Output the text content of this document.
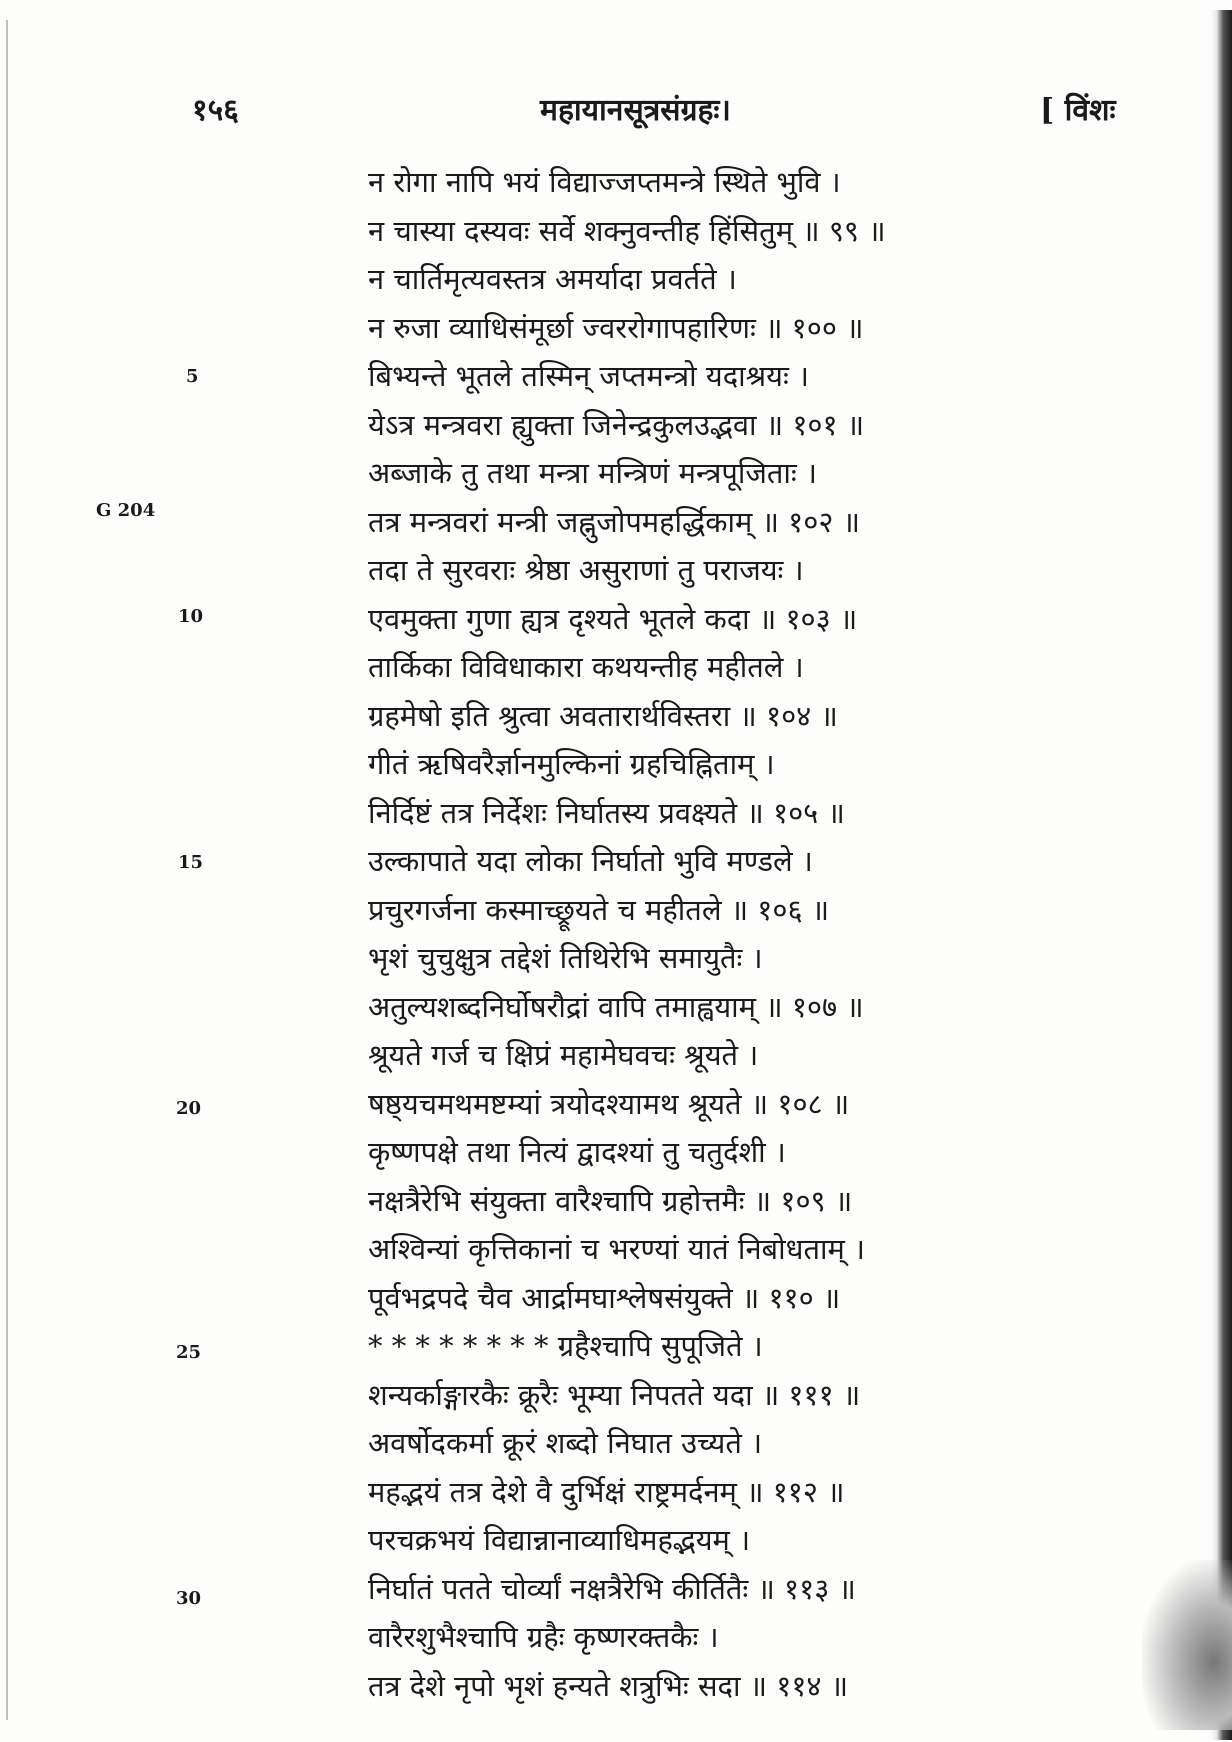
१५६	महायानसूत्रसंग्रहः।	[ विंशः
5
G 204
10
15
20
25
30
न रोगा नापि भयं विद्याज्जप्तमन्त्रे स्थिते भुवि ।
न चास्या दस्यवः सर्वे शक्नुवन्तीह हिंसितुम् ॥ ९९ ॥
न चार्तिमृत्यवस्तत्र अमर्यादा प्रवर्तते ।
न रुजा व्याधिसंमूर्छा ज्वररोगापहारिणः ॥ १०० ॥
बिभ्यन्ते भूतले तस्मिन् जप्तमन्त्रो यदाश्रयः ।
येऽत्र मन्त्रवरा ह्युक्ता जिनेन्द्रकुलउद्भवा ॥ १०१ ॥
अब्जाके तु तथा मन्त्रा मन्त्रिणं मन्त्रपूजिताः ।
तत्र मन्त्रवरां मन्त्री जह्नुजोपमहर्द्धिकाम् ॥ १०२ ॥
तदा ते सुरवराः श्रेष्ठा असुराणां तु पराजयः ।
एवमुक्ता गुणा ह्यत्र दृश्यते भूतले कदा ॥ १०३ ॥
तार्किका विविधाकारा कथयन्तीह महीतले ।
ग्रहमेषो इति श्रुत्वा अवतारार्थविस्तरा ॥ १०४ ॥
गीतं ऋषिवरैर्ज्ञानमुल्किनां ग्रहचिह्निताम् ।
निर्दिष्टं तत्र निर्देशः निर्घातस्य प्रवक्ष्यते ॥ १०५ ॥
उल्कापाते यदा लोका निर्घातो भुवि मण्डले ।
प्रचुरगर्जना कस्माच्छ्रूयते च महीतले ॥ १०६ ॥
भृशं चुचुक्षुत्र तद्देशं तिथिरेभि समायुतैः ।
अतुल्यशब्दनिर्घोषरौद्रां वापि तमाह्वयाम् ॥ १०७ ॥
श्रूयते गर्ज च क्षिप्रं महामेघवचः श्रूयते ।
षष्ठ्यचमथमष्टम्यां त्रयोदश्यामथ श्रूयते ॥ १०८ ॥
कृष्णपक्षे तथा नित्यं द्वादश्यां तु चतुर्दशी ।
नक्षत्रैरेभि संयुक्ता वारैश्चापि ग्रहोत्तमैः ॥ १०९ ॥
अश्विन्यां कृत्तिकानां च भरण्यां यातं निबोधताम् ।
पूर्वभद्रपदे चैव आर्द्रामघाश्लेषसंयुक्ते ॥ ११० ॥
* * * * * * * * ग्रहैश्चापि सुपूजिते ।
शन्यर्काङ्गारकैः क्रूरैः भूम्या निपतते यदा ॥ १११ ॥
अवर्षोदकर्मा क्रूरं शब्दो निघात उच्यते ।
महद्भयं तत्र देशे वै दुर्भिक्षं राष्ट्रमर्दनम् ॥ ११२ ॥
परचक्रभयं विद्यान्नानाव्याधिमहद्भयम् ।
निर्घातं पतते चोर्व्यां नक्षत्रैरेभि कीर्तितैः ॥ ११३ ॥
वारैरशुभैश्चापि ग्रहैः कृष्णरक्तकैः ।
तत्र देशे नृपो भृशं हन्यते शत्रुभिः सदा ॥ ११४ ॥
